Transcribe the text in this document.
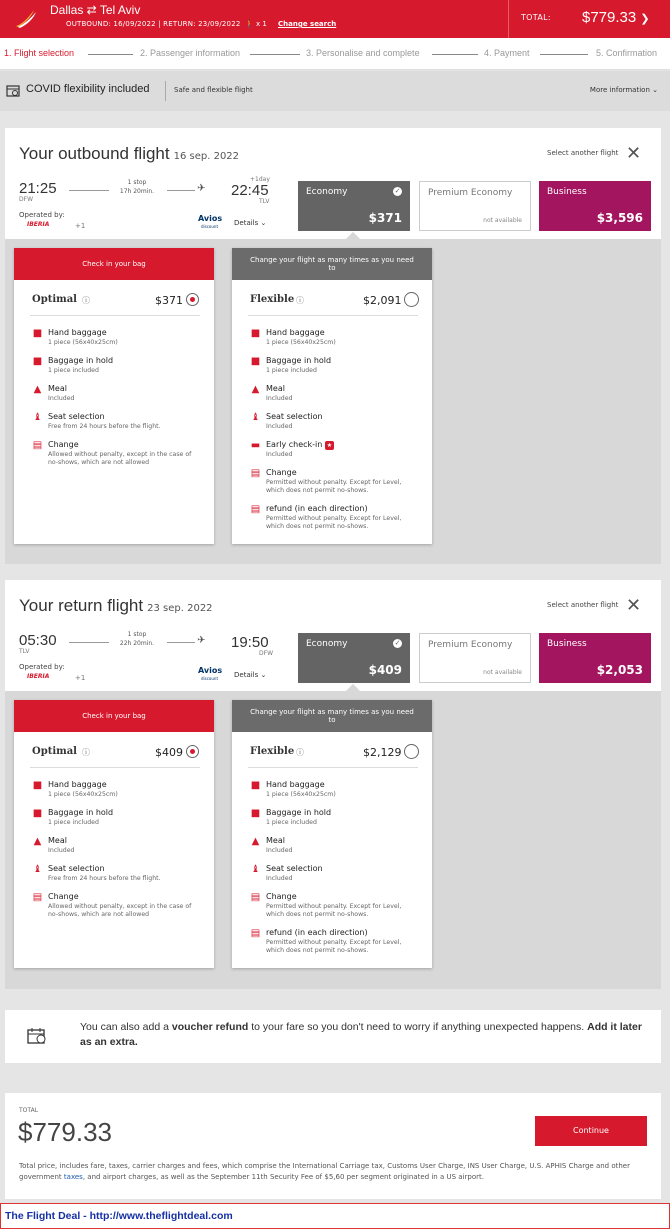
Dallas ⇄ Tel Aviv
OUTBOUND: 16/09/2022 | RETURN: 23/09/2022 🚶 x 1 Change search
TOTAL: $779.33 ❯
1. Flight selection	2. Passenger information	3. Personalise and complete	4. Payment	5. Confirmation
COVID flexibility included	Safe and flexible flight	More information ⌄
Your outbound flight 16 sep. 2022	Select another flight ✕
21:25
DFW
1 stop
17h 20min.	✈
+1day
22:45
TLV
Operated by:
IBERIA	+1
Avios
discount Details ⌄
Economy	✓
$371
Premium Economy
not available
Business
$3,596
Check in your bag
Optimal ⓘ	$371
■ Hand baggage
1 piece (56x40x25cm)
■ Baggage in hold
1 piece included
▲ Meal
Included
♝ Seat selection
Free from 24 hours before the flight.
▤ Change
Allowed without penalty, except in the case of no-shows, which are not allowed
Change your flight as many times as you need to
Flexible ⓘ	$2,091
■ Hand baggage
1 piece (56x40x25cm)
■ Baggage in hold
1 piece included
▲ Meal
Included
♝ Seat selection
Included
▬ Early check-in ★
Included
▤ Change
Permitted without penalty. Except for Level, which does not permit no-shows.
▤ refund (in each direction)
Permitted without penalty. Except for Level, which does not permit no-shows.
Your return flight 23 sep. 2022	Select another flight ✕
05:30
TLV
1 stop
22h 20min.	✈ 19:50
DFW
Operated by:
IBERIA	+1
Avios
discount Details ⌄
Economy	✓
$409
Premium Economy
not available
Business
$2,053
Check in your bag
Optimal ⓘ	$409
■ Hand baggage
1 piece (56x40x25cm)
■ Baggage in hold
1 piece included
▲ Meal
Included
♝ Seat selection
Free from 24 hours before the flight.
▤ Change
Allowed without penalty, except in the case of no-shows, which are not allowed
Change your flight as many times as you need to
Flexible ⓘ	$2,129
■ Hand baggage
1 piece (56x40x25cm)
■ Baggage in hold
1 piece included
▲ Meal
Included
♝ Seat selection
Included
▤ Change
Permitted without penalty. Except for Level, which does not permit no-shows.
▤ refund (in each direction)
Permitted without penalty. Except for Level, which does not permit no-shows.
You can also add a voucher refund to your fare so you don't need to worry if anything unexpected happens. Add it later as an extra.
TOTAL
$779.33	Continue
Total price, includes fare, taxes, carrier charges and fees, which comprise the International Carriage tax, Customs User Charge, INS User Charge, U.S. APHIS Charge and other government taxes, and airport charges, as well as the September 11th Security Fee of $5,60 per segment originated in a US airport.
The Flight Deal - http://www.theflightdeal.com
